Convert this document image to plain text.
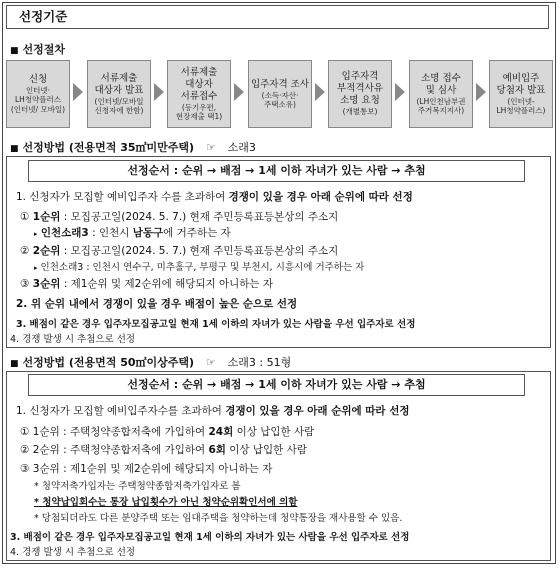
선정기준
■ 선정절차
신청
인터넷·
LH청약플러스
(인터넷/ 모바일)
서류제출
대상자 발표
(인터넷/모바일
신청자에 한함)
서류제출
대상자
서류접수
(등기우편,
현장제출 택1)
입주자격 조사
(소득·자산·
주택소유)
입주자격
부적격사유
소명 요청
(개별통보)
소명 접수
및 심사
(LH인천남부권
주거복지지사)
예비입주
당첨자 발표
(인터넷-
LH청약플러스)
■ 선정방법 (전용면적 35㎡미만주택) ☞ 소래3
선정순서 : 순위 → 배점 → 1세 이하 자녀가 있는 사람 → 추첨
1. 신청자가 모집할 예비입주자 수를 초과하여 경쟁이 있을 경우 아래 순위에 따라 선정
① 1순위 : 모집공고일(2024. 5. 7.) 현재 주민등록표등본상의 주소지
▸ 인천소래3 : 인천시 남동구에 거주하는 자
② 2순위 : 모집공고일(2024. 5. 7.) 현재 주민등록표등본상의 주소지
▸ 인천소래3 : 인천시 연수구, 미추홀구, 부평구 및 부천시, 시흥시에 거주하는 자
③ 3순위 : 제1순위 및 제2순위에 해당되지 아니하는 자
2. 위 순위 내에서 경쟁이 있을 경우 배점이 높은 순으로 선정
3. 배점이 같은 경우 입주자모집공고일 현재 1세 이하의 자녀가 있는 사람을 우선 입주자로 선정
4. 경쟁 발생 시 추첨으로 선정
■ 선정방법 (전용면적 50㎡이상주택) ☞ 소래3 : 51형
선정순서 : 순위 → 배점 → 1세 이하 자녀가 있는 사람 → 추첨
1. 신청자가 모집할 예비입주자수를 초과하여 경쟁이 있을 경우 아래 순위에 따라 선정
① 1순위 : 주택청약종합저축에 가입하여 24회 이상 납입한 사람
② 2순위 : 주택청약종합저축에 가입하여 6회 이상 납입한 사람
③ 3순위 : 제1순위 및 제2순위에 해당되지 아니하는 자
* 청약저축가입자는 주택청약종합저축가입자로 봄
* 청약납입회수는 통장 납입횟수가 아닌 청약순위확인서에 의함
* 당첨되더라도 다른 분양주택 또는 임대주택을 청약하는데 청약통장을 재사용할 수 있음.
3. 배점이 같은 경우 입주자모집공고일 현재 1세 이하의 자녀가 있는 사람을 우선 입주자로 선정
4. 경쟁 발생 시 추첨으로 선정
